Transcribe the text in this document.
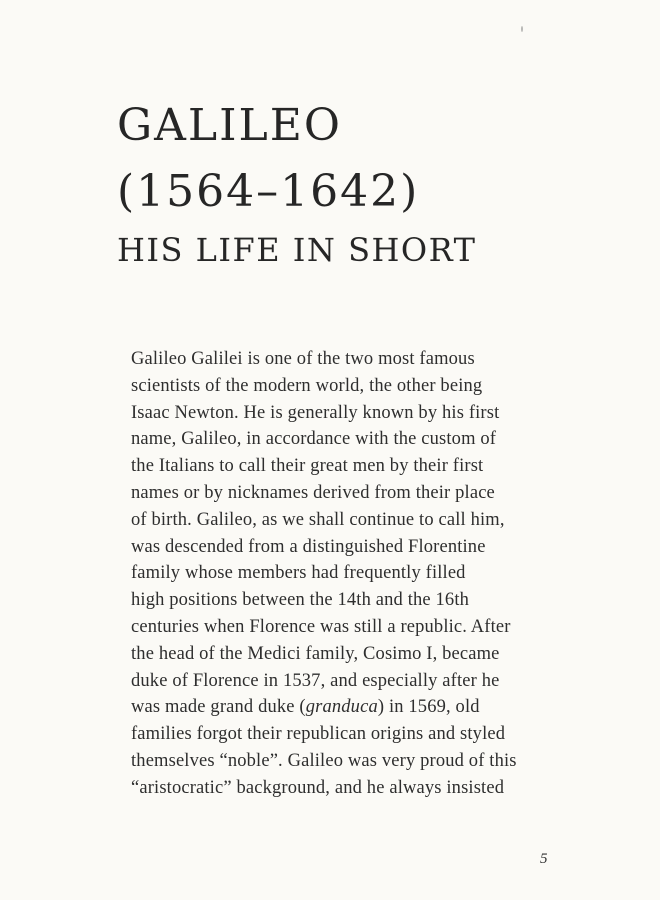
GALILEO
(1564–1642)
HIS LIFE IN SHORT
Galileo Galilei is one of the two most famous
scientists of the modern world, the other being
Isaac Newton. He is generally known by his first
name, Galileo, in accordance with the custom of
the Italians to call their great men by their first
names or by nicknames derived from their place
of birth. Galileo, as we shall continue to call him,
was descended from a distinguished Florentine
family whose members had frequently filled
high positions between the 14th and the 16th
centuries when Florence was still a republic. After
the head of the Medici family, Cosimo I, became
duke of Florence in 1537, and especially after he
was made grand duke (granduca) in 1569, old
families forgot their republican origins and styled
themselves “noble”. Galileo was very proud of this
“aristocratic” background, and he always insisted
5
